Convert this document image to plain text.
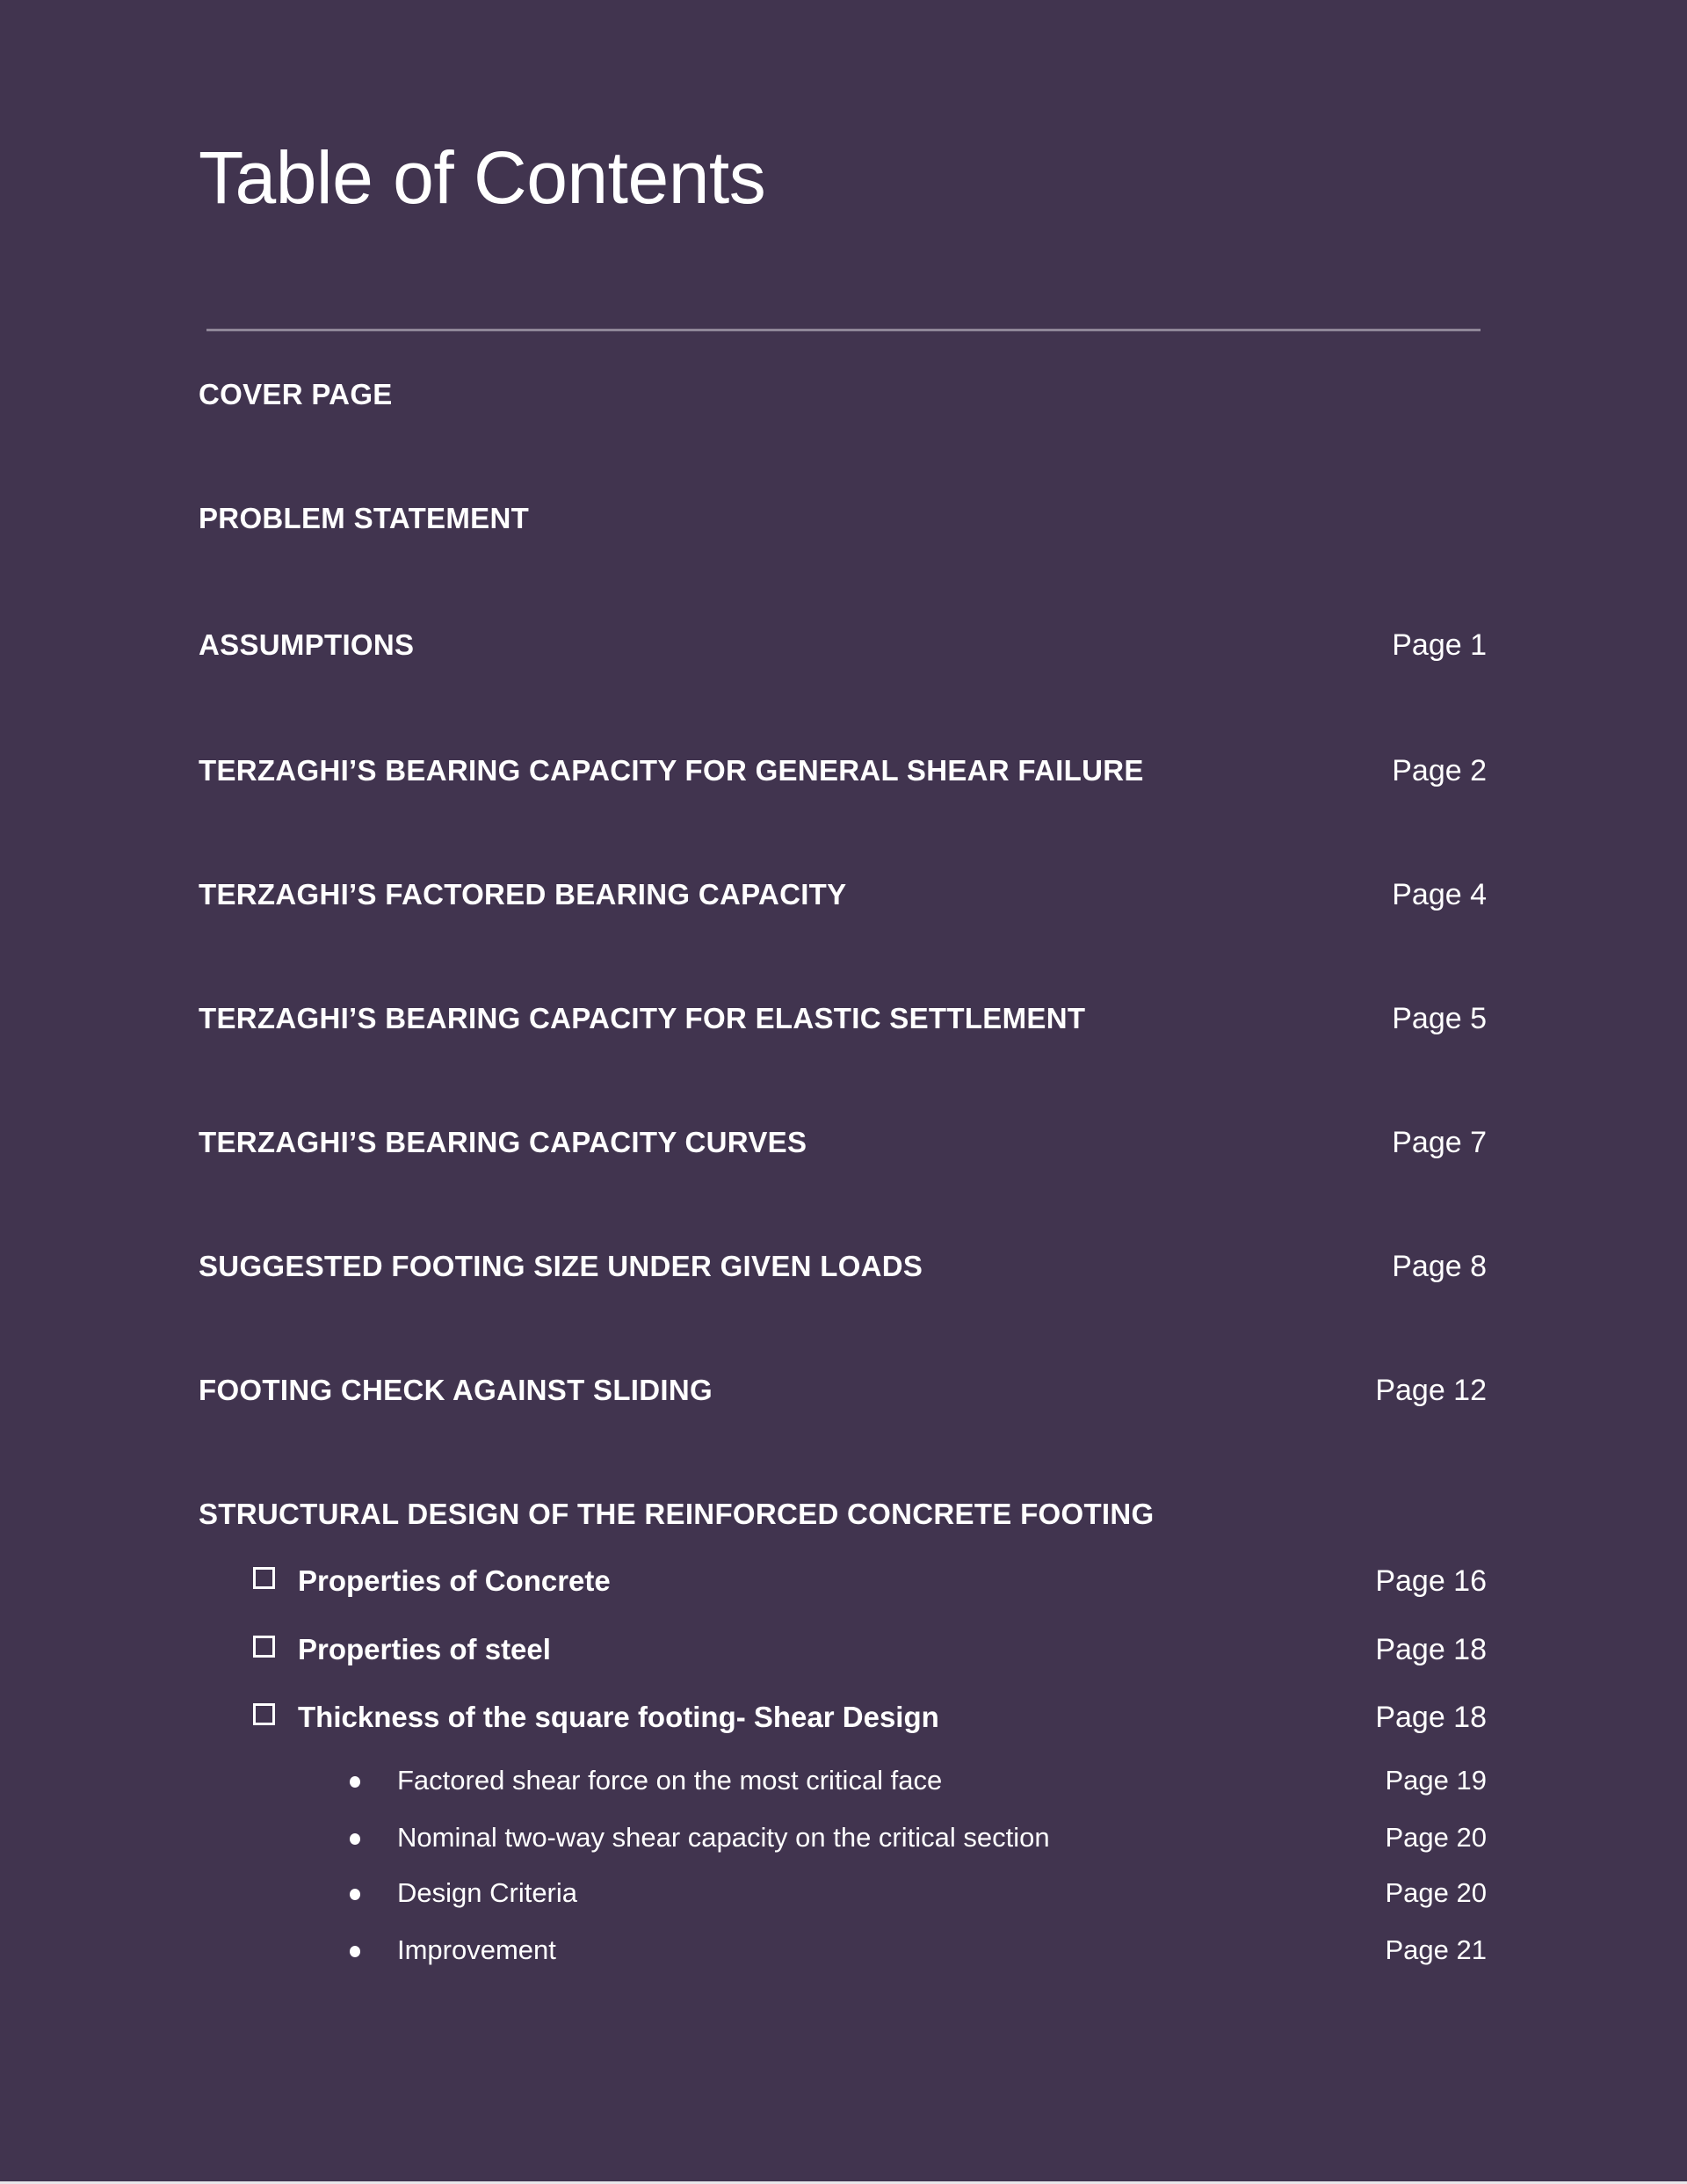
Table of Contents
COVER PAGE
PROBLEM STATEMENT
ASSUMPTIONS	Page 1
TERZAGHI’S BEARING CAPACITY FOR GENERAL SHEAR FAILURE	Page 2
TERZAGHI’S FACTORED BEARING CAPACITY	Page 4
TERZAGHI’S BEARING CAPACITY FOR ELASTIC SETTLEMENT	Page 5
TERZAGHI’S BEARING CAPACITY CURVES	Page 7
SUGGESTED FOOTING SIZE UNDER GIVEN LOADS	Page 8
FOOTING CHECK AGAINST SLIDING	Page 12
STRUCTURAL DESIGN OF THE REINFORCED CONCRETE FOOTING
Properties of Concrete	Page 16
Properties of steel	Page 18
Thickness of the square footing- Shear Design	Page 18
Factored shear force on the most critical face	Page 19
Nominal two-way shear capacity on the critical section	Page 20
Design Criteria	Page 20
Improvement	Page 21
